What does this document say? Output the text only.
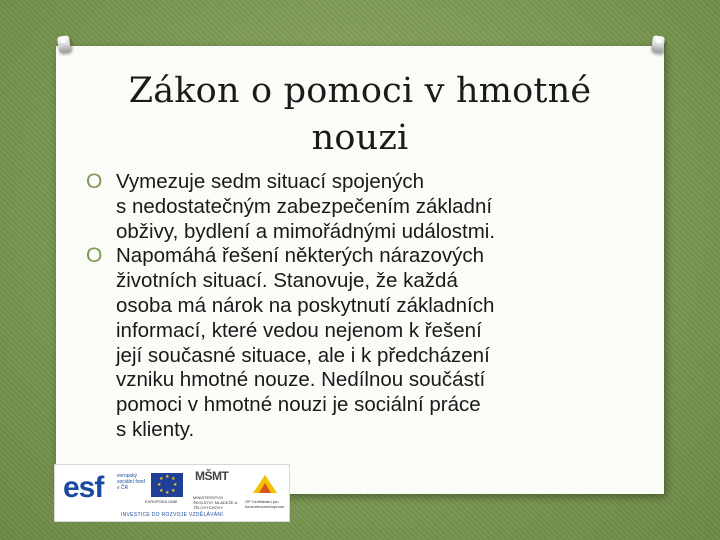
Zákon o pomoci v hmotné
nouzi
O Vymezuje sedm situací spojených
s nedostatečným zabezpečením základní
obživy, bydlení a mimořádnými událostmi.
O Napomáhá řešení některých nárazových
životních situací. Stanovuje, že každá
osoba má nárok na poskytnutí základních
informací, které vedou nejenom k řešení
její současné situace, ale i k předcházení
vzniku hmotné nouze. Nedílnou součástí
pomoci v hmotné nouzi je sociální práce
s klienty.
esf	evropský sociální fond v ČR
★ ★
★
★
★
★
★
★
EVROPSKÁ UNIE
MŠMT
MINISTERSTVO ŠKOLSTVÍ, MLÁDEŽE A TĚLOVÝCHOVY
OP Vzdělávání pro konkurenceschopnost
INVESTICE DO ROZVOJE VZDĚLÁVÁNÍ
